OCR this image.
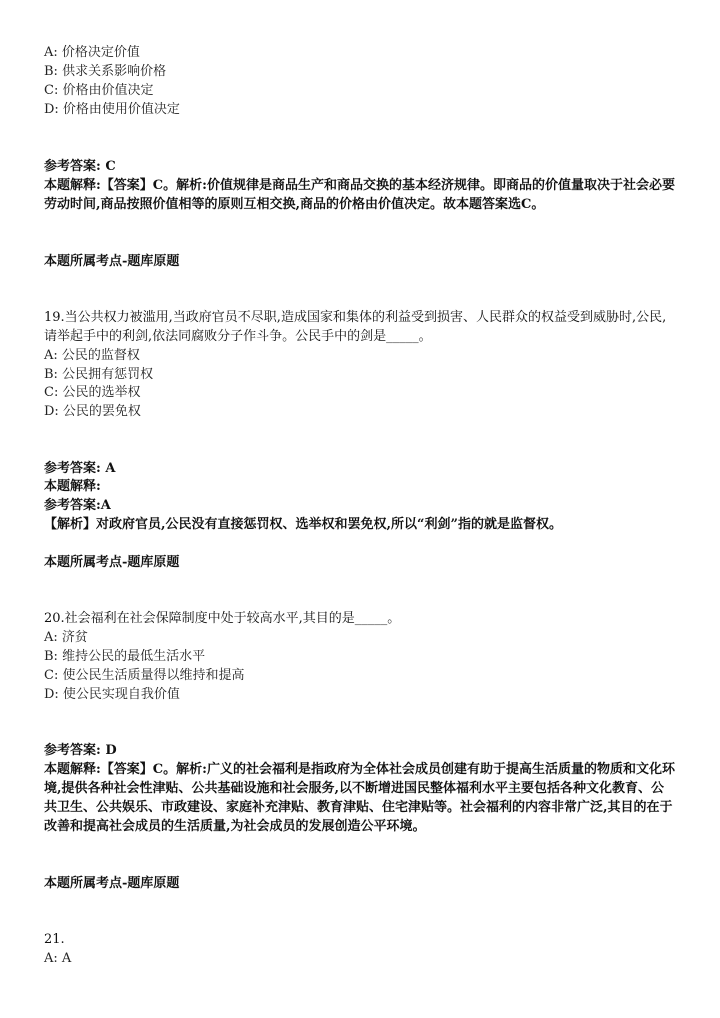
A: 价格决定价值
B: 供求关系影响价格
C: 价格由价值决定
D: 价格由使用价值决定
参考答案: C
本题解释:【答案】C。解析:价值规律是商品生产和商品交换的基本经济规律。即商品的价值量取决于社会必要劳动时间,商品按照价值相等的原则互相交换,商品的价格由价值决定。故本题答案选C。
本题所属考点-题库原题
19.当公共权力被滥用,当政府官员不尽职,造成国家和集体的利益受到损害、人民群众的权益受到威胁时,公民,请举起手中的利剑,依法同腐败分子作斗争。公民手中的剑是_____。
A: 公民的监督权
B: 公民拥有惩罚权
C: 公民的选举权
D: 公民的罢免权
参考答案: A
本题解释:
参考答案:A
【解析】对政府官员,公民没有直接惩罚权、选举权和罢免权,所以“利剑”指的就是监督权。
本题所属考点-题库原题
20.社会福利在社会保障制度中处于较高水平,其目的是_____。
A: 济贫
B: 维持公民的最低生活水平
C: 使公民生活质量得以维持和提高
D: 使公民实现自我价值
参考答案: D
本题解释:【答案】C。解析:广义的社会福利是指政府为全体社会成员创建有助于提高生活质量的物质和文化环境,提供各种社会性津贴、公共基础设施和社会服务,以不断增进国民整体福利水平主要包括各种文化教育、公共卫生、公共娱乐、市政建设、家庭补充津贴、教育津贴、住宅津贴等。社会福利的内容非常广泛,其目的在于改善和提高社会成员的生活质量,为社会成员的发展创造公平环境。
本题所属考点-题库原题
21.
A: A
